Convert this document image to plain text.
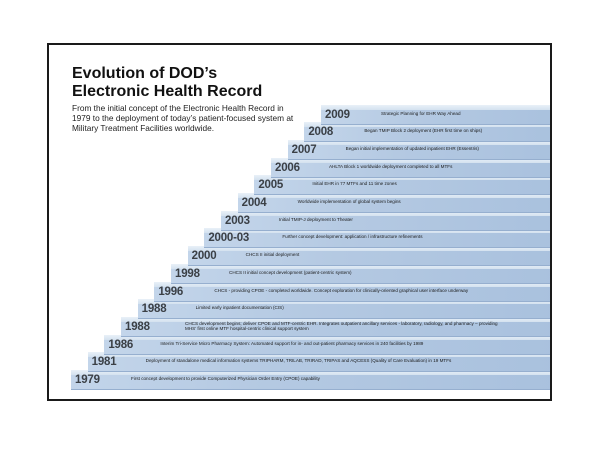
Evolution of DOD’s
Electronic Health Record

From the initial concept of the Electronic Health Record in 1979 to the deployment of today’s patient-focused system at Military Treatment Facilities worldwide.

1979	First concept development to provide Computerized Physician Order Entry (CPOE) capability
1981	Deployment of standalone medical information systems TRIPHARM, TRILAB, TRIRAD, TRIPAS and AQCESS (Quality of Care Evaluation) in 19 MTFs
1986	Interim Tri-Service Micro Pharmacy System: Automated support for in- and out-patient pharmacy services in 240 facilities by 1989
1988	CHCS development begins; deliver CPOE and MTF-centric EHR. Integrates outpatient ancillary services - laboratory, radiology, and pharmacy – providing
MHS’ first online MTF hospital-centric clinical support system
1988	Limited early inpatient documentation (CIS)
1996	CHCS - providing CPOE - completed worldwide. Concept exploration for clinically-oriented graphical user interface underway
1998	CHCS II initial concept development (patient-centric system)
2000	CHCS II initial deployment
2000-03	Further concept development: application / infrastructure refinements
2003	Initial TMIP-J deployment to Theater
2004	Worldwide implementation of global system begins
2005	Initial EHR in 77 MTFs and 11 time zones
2006	AHLTA Block 1 worldwide deployment completed to all MTFs
2007	Began initial implementation of updated inpatient EHR (Essentris)
2008	Began TMIP Block 2 deployment (EHR first time on ships)
2009	Strategic Planning for EHR Way Ahead
